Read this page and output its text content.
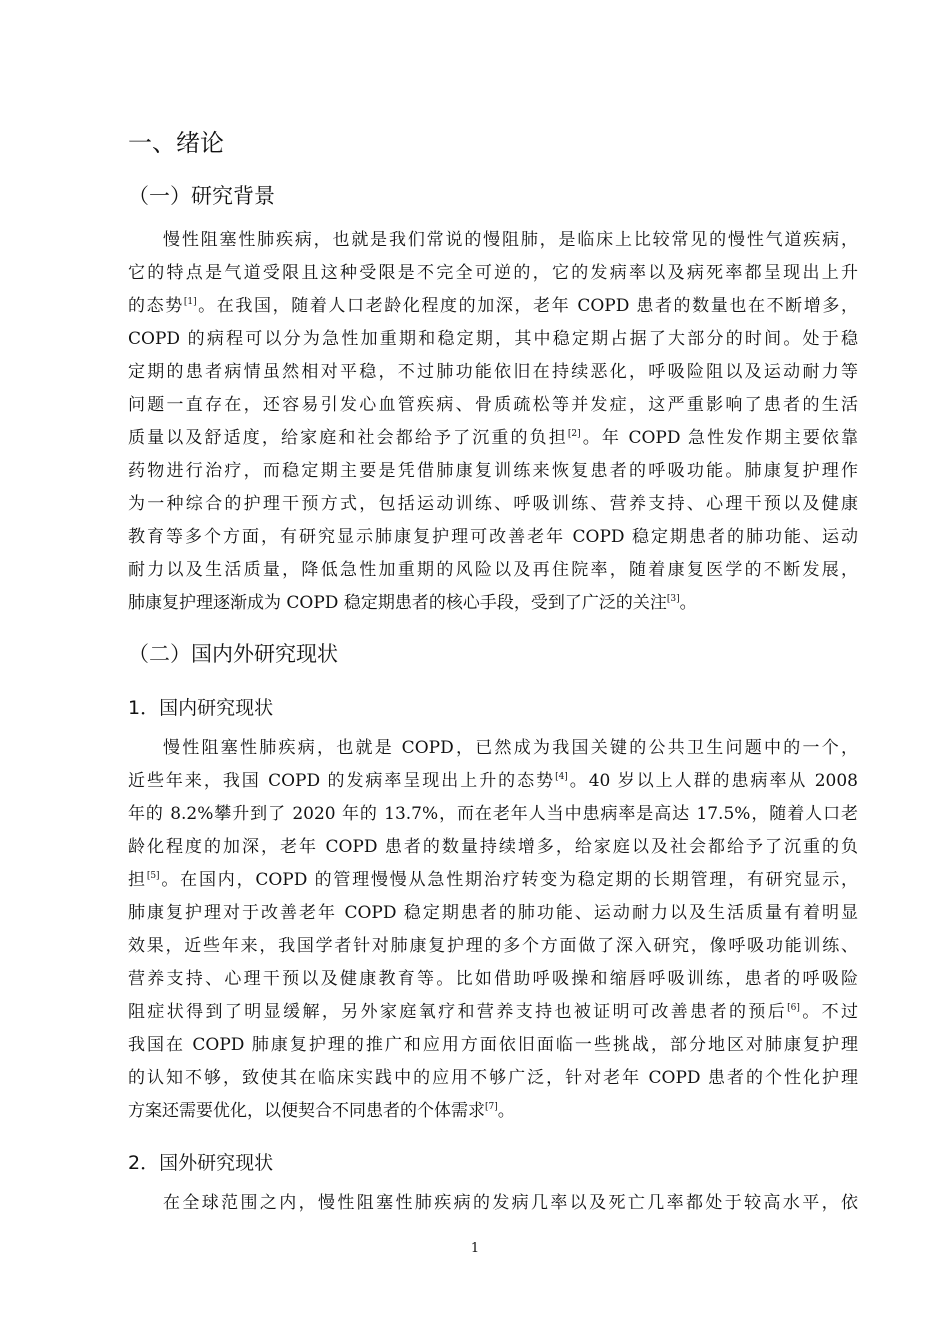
一、绪论
（一）研究背景

慢性阻塞性肺疾病，也就是我们常说的慢阻肺，是临床上比较常见的慢性气道疾病，

它的特点是气道受限且这种受限是不完全可逆的，它的发病率以及病死率都呈现出上升

的态势[1]。在我国，随着人口老龄化程度的加深，老年 COPD 患者的数量也在不断增多，

COPD 的病程可以分为急性加重期和稳定期，其中稳定期占据了大部分的时间。处于稳

定期的患者病情虽然相对平稳，不过肺功能依旧在持续恶化，呼吸险阻以及运动耐力等

问题一直存在，还容易引发心血管疾病、骨质疏松等并发症，这严重影响了患者的生活

质量以及舒适度，给家庭和社会都给予了沉重的负担[2]。年 COPD 急性发作期主要依靠

药物进行治疗，而稳定期主要是凭借肺康复训练来恢复患者的呼吸功能。肺康复护理作

为一种综合的护理干预方式，包括运动训练、呼吸训练、营养支持、心理干预以及健康

教育等多个方面，有研究显示肺康复护理可改善老年 COPD 稳定期患者的肺功能、运动

耐力以及生活质量，降低急性加重期的风险以及再住院率，随着康复医学的不断发展，

肺康复护理逐渐成为 COPD 稳定期患者的核心手段，受到了广泛的关注[3]。

（二）国内外研究现状
1．国内研究现状

慢性阻塞性肺疾病，也就是 COPD，已然成为我国关键的公共卫生问题中的一个，

近些年来，我国 COPD 的发病率呈现出上升的态势[4]。40 岁以上人群的患病率从 2008

年的 8.2%攀升到了 2020 年的 13.7%，而在老年人当中患病率是高达 17.5%，随着人口老

龄化程度的加深，老年 COPD 患者的数量持续增多，给家庭以及社会都给予了沉重的负

担[5]。在国内，COPD 的管理慢慢从急性期治疗转变为稳定期的长期管理，有研究显示，

肺康复护理对于改善老年 COPD 稳定期患者的肺功能、运动耐力以及生活质量有着明显

效果，近些年来，我国学者针对肺康复护理的多个方面做了深入研究，像呼吸功能训练、

营养支持、心理干预以及健康教育等。比如借助呼吸操和缩唇呼吸训练，患者的呼吸险

阻症状得到了明显缓解，另外家庭氧疗和营养支持也被证明可改善患者的预后[6]。不过

我国在 COPD 肺康复护理的推广和应用方面依旧面临一些挑战，部分地区对肺康复护理

的认知不够，致使其在临床实践中的应用不够广泛，针对老年 COPD 患者的个性化护理

方案还需要优化，以便契合不同患者的个体需求[7]。

2．国外研究现状

在全球范围之内，慢性阻塞性肺疾病的发病几率以及死亡几率都处于较高水平，依

1
